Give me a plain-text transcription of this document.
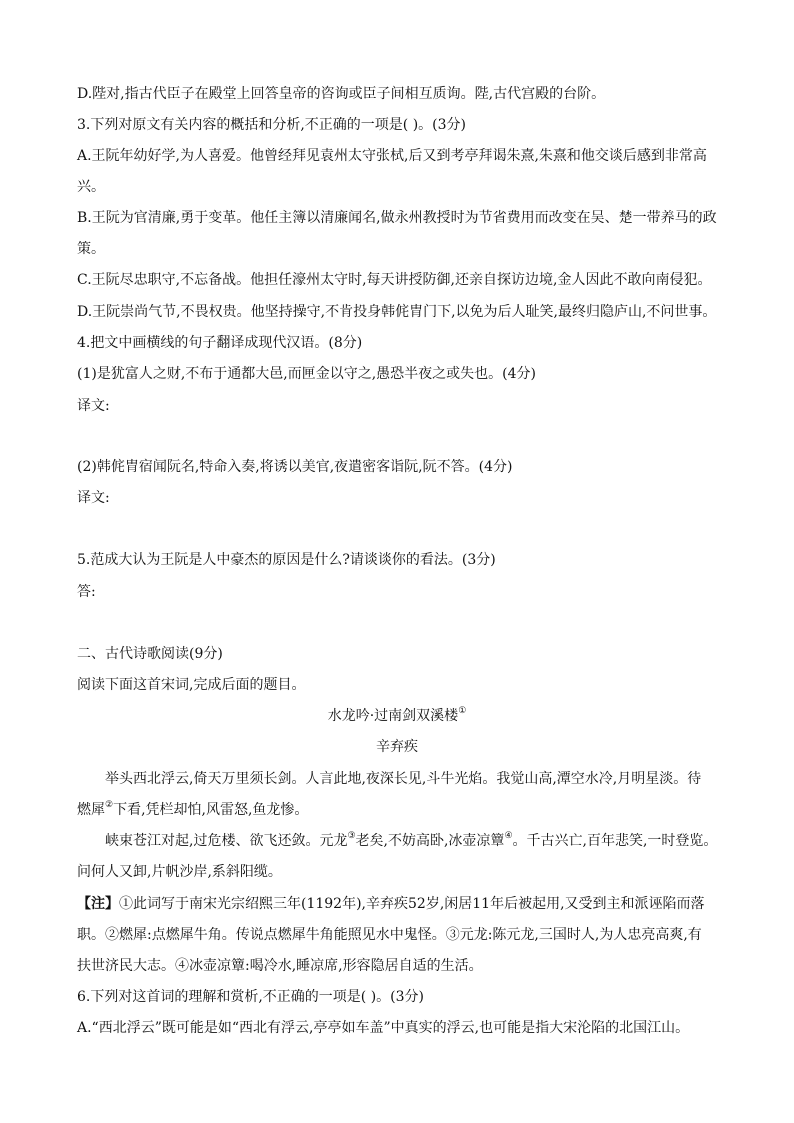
D.陛对,指古代臣子在殿堂上回答皇帝的咨询或臣子间相互质询。陛,古代宫殿的台阶。
3.下列对原文有关内容的概括和分析,不正确的一项是( )。(3分)
A.王阮年幼好学,为人喜爱。他曾经拜见袁州太守张栻,后又到考亭拜谒朱熹,朱熹和他交谈后感到非常高
兴。
B.王阮为官清廉,勇于变革。他任主簿以清廉闻名,做永州教授时为节省费用而改变在吴、楚一带养马的政
策。
C.王阮尽忠职守,不忘备战。他担任濠州太守时,每天讲授防御,还亲自探访边境,金人因此不敢向南侵犯。
D.王阮崇尚气节,不畏权贵。他坚持操守,不肯投身韩侂胄门下,以免为后人耻笑,最终归隐庐山,不问世事。
4.把文中画横线的句子翻译成现代汉语。(8分)
(1)是犹富人之财,不布于通都大邑,而匣金以守之,愚恐半夜之或失也。(4分)
译文:
(2)韩侂胄宿闻阮名,特命入奏,将诱以美官,夜遣密客诣阮,阮不答。(4分)
译文:
5.范成大认为王阮是人中豪杰的原因是什么?请谈谈你的看法。(3分)
答:
二、古代诗歌阅读(9分)
阅读下面这首宋词,完成后面的题目。
水龙吟·过南剑双溪楼①
辛弃疾
举头西北浮云,倚天万里须长剑。人言此地,夜深长见,斗牛光焰。我觉山高,潭空水冷,月明星淡。待
燃犀②下看,凭栏却怕,风雷怒,鱼龙惨。
峡束苍江对起,过危楼、欲飞还敛。元龙③老矣,不妨高卧,冰壶凉簟④。千古兴亡,百年悲笑,一时登览。
问何人又卸,片帆沙岸,系斜阳缆。
【注】①此词写于南宋光宗绍熙三年(1192年),辛弃疾52岁,闲居11年后被起用,又受到主和派诬陷而落
职。②燃犀:点燃犀牛角。传说点燃犀牛角能照见水中鬼怪。③元龙:陈元龙,三国时人,为人忠亮高爽,有
扶世济民大志。④冰壶凉簟:喝冷水,睡凉席,形容隐居自适的生活。
6.下列对这首词的理解和赏析,不正确的一项是( )。(3分)
A.“西北浮云”既可能是如“西北有浮云,亭亭如车盖”中真实的浮云,也可能是指大宋沦陷的北国江山。
